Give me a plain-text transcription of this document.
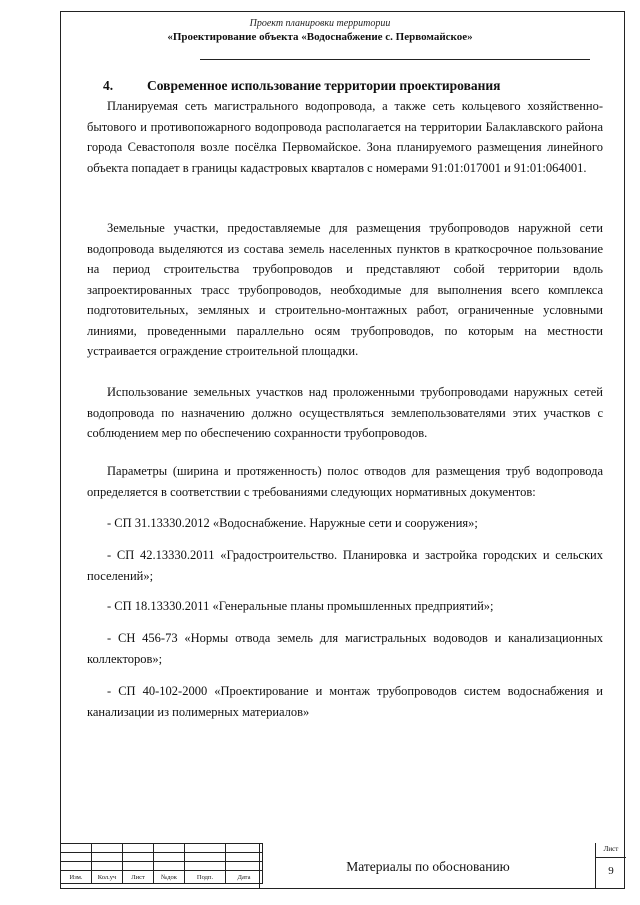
Проект планировки территории
«Проектирование объекта «Водоснабжение с. Первомайское»
4.	Современное использование территории проектирования

Планируемая сеть магистрального водопровода, а также сеть кольцевого хозяйственно-бытового и противопожарного водопровода располагается на территории Балаклавского района города Севастополя возле посёлка Первомайское. Зона планируемого размещения линейного объекта попадает в границы кадастровых кварталов с номерами 91:01:017001 и 91:01:064001.

Земельные участки, предоставляемые для размещения трубопроводов наружной сети водопровода выделяются из состава земель населенных пунктов в краткосрочное пользование на период строительства трубопроводов и представляют собой территории вдоль запроектированных трасс трубопроводов, необходимые для выполнения всего комплекса подготовительных, земляных и строительно-монтажных работ, ограниченные условными линиями, проведенными параллельно осям трубопроводов, по которым на местности устраивается ограждение строительной площадки.

Использование земельных участков над проложенными трубопроводами наружных сетей водопровода по назначению должно осуществляться землепользователями этих участков с соблюдением мер по обеспечению сохранности трубопроводов.

Параметры (ширина и протяженность) полос отводов для размещения труб водопровода определяется в соответствии с требованиями следующих нормативных документов:

- СП 31.13330.2012 «Водоснабжение. Наружные сети и сооружения»;

- СП 42.13330.2011 «Градостроительство. Планировка и застройка городских и сельских поселений»;

- СП 18.13330.2011 «Генеральные планы промышленных предприятий»;

- СН 456-73 «Нормы отвода земель для магистральных водоводов и канализационных коллекторов»;

- СП 40-102-2000 «Проектирование и монтаж трубопроводов систем водоснабжения и канализации из полимерных материалов»

Изм.	Кол.уч	Лист	№док	Подп.	Дата
Материалы по обоснованию
Лист
9
